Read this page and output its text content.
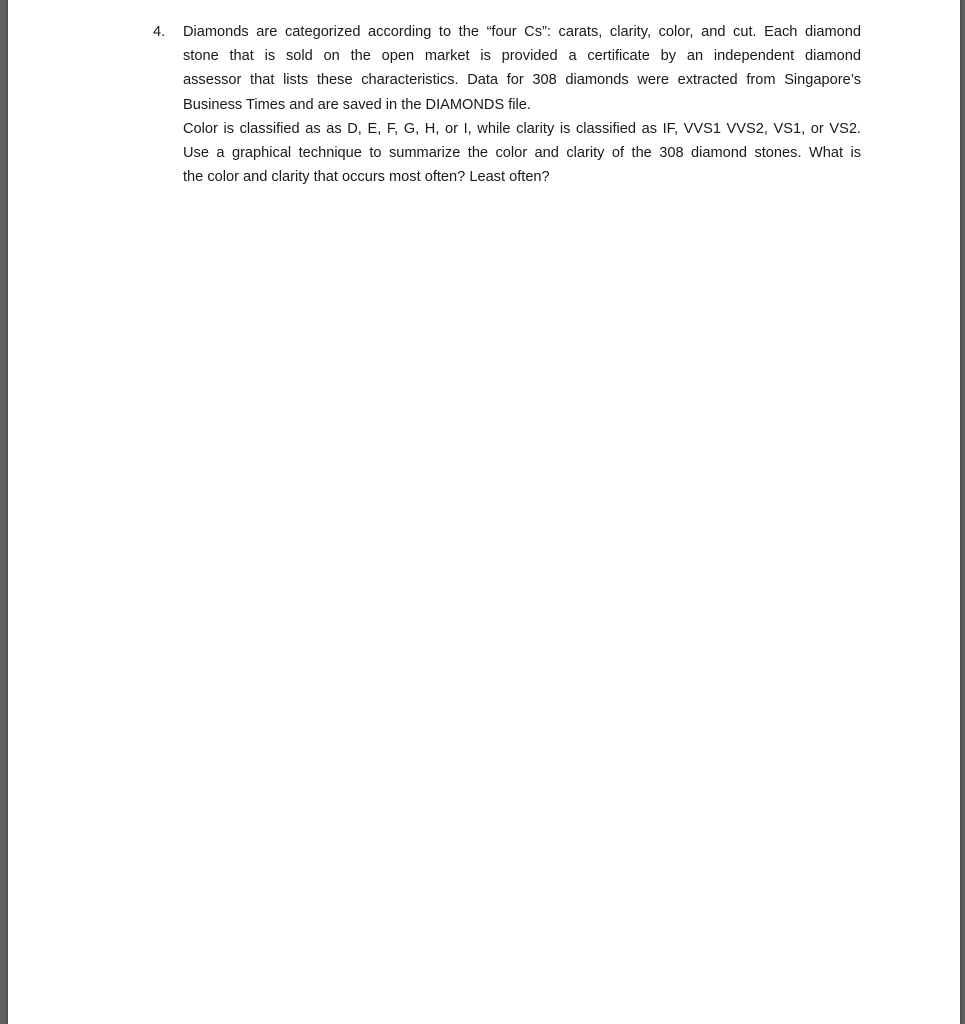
4.	Diamonds are categorized according to the “four Cs”: carats, clarity, color, and cut. Each diamond
stone that is sold on the open market is provided a certificate by an independent diamond
assessor that lists these characteristics. Data for 308 diamonds were extracted from Singapore’s
Business Times and are saved in the DIAMONDS file.

Color is classified as as D, E, F, G, H, or I, while clarity is classified as IF, VVS1 VVS2, VS1, or VS2.
Use a graphical technique to summarize the color and clarity of the 308 diamond stones. What is
the color and clarity that occurs most often? Least often?
